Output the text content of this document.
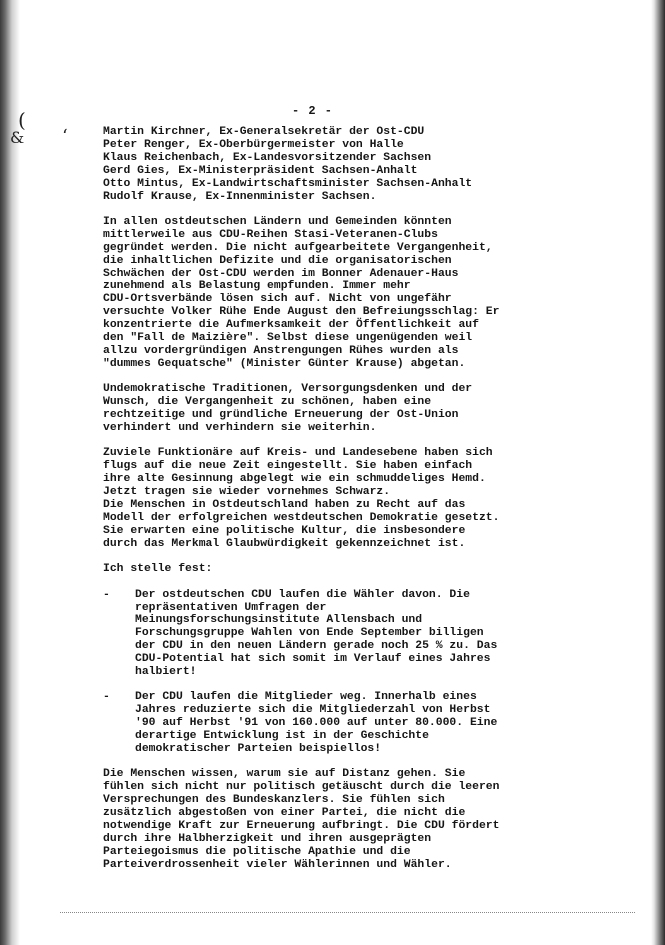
(
& ‘
- 2 -
Martin Kirchner, Ex-Generalsekretär der Ost-CDU
Peter Renger, Ex-Oberbürgermeister von Halle
Klaus Reichenbach, Ex-Landesvorsitzender Sachsen
Gerd Gies, Ex-Ministerpräsident Sachsen-Anhalt
Otto Mintus, Ex-Landwirtschaftsminister Sachsen-Anhalt
Rudolf Krause, Ex-Innenminister Sachsen.
In allen ostdeutschen Ländern und Gemeinden könnten
mittlerweile aus CDU-Reihen Stasi-Veteranen-Clubs
gegründet werden. Die nicht aufgearbeitete Vergangenheit,
die inhaltlichen Defizite und die organisatorischen
Schwächen der Ost-CDU werden im Bonner Adenauer-Haus
zunehmend als Belastung empfunden. Immer mehr
CDU-Ortsverbände lösen sich auf. Nicht von ungefähr
versuchte Volker Rühe Ende August den Befreiungsschlag: Er
konzentrierte die Aufmerksamkeit der Öffentlichkeit auf
den "Fall de Maizière". Selbst diese ungenügenden weil
allzu vordergründigen Anstrengungen Rühes wurden als
"dummes Gequatsche" (Minister Günter Krause) abgetan.
Undemokratische Traditionen, Versorgungsdenken und der
Wunsch, die Vergangenheit zu schönen, haben eine
rechtzeitige und gründliche Erneuerung der Ost-Union
verhindert und verhindern sie weiterhin.
Zuviele Funktionäre auf Kreis- und Landesebene haben sich
flugs auf die neue Zeit eingestellt. Sie haben einfach
ihre alte Gesinnung abgelegt wie ein schmuddeliges Hemd.
Jetzt tragen sie wieder vornehmes Schwarz.
Die Menschen in Ostdeutschland haben zu Recht auf das
Modell der erfolgreichen westdeutschen Demokratie gesetzt.
Sie erwarten eine politische Kultur, die insbesondere
durch das Merkmal Glaubwürdigkeit gekennzeichnet ist.
Ich stelle fest:
- Der ostdeutschen CDU laufen die Wähler davon. Die
repräsentativen Umfragen der
Meinungsforschungsinstitute Allensbach und
Forschungsgruppe Wahlen von Ende September billigen
der CDU in den neuen Ländern gerade noch 25 % zu. Das
CDU-Potential hat sich somit im Verlauf eines Jahres
halbiert!
- Der CDU laufen die Mitglieder weg. Innerhalb eines
Jahres reduzierte sich die Mitgliederzahl von Herbst
'90 auf Herbst '91 von 160.000 auf unter 80.000. Eine
derartige Entwicklung ist in der Geschichte
demokratischer Parteien beispiellos!
Die Menschen wissen, warum sie auf Distanz gehen. Sie
fühlen sich nicht nur politisch getäuscht durch die leeren
Versprechungen des Bundeskanzlers. Sie fühlen sich
zusätzlich abgestoßen von einer Partei, die nicht die
notwendige Kraft zur Erneuerung aufbringt. Die CDU fördert
durch ihre Halbherzigkeit und ihren ausgeprägten
Parteiegoismus die politische Apathie und die
Parteiverdrossenheit vieler Wählerinnen und Wähler.
